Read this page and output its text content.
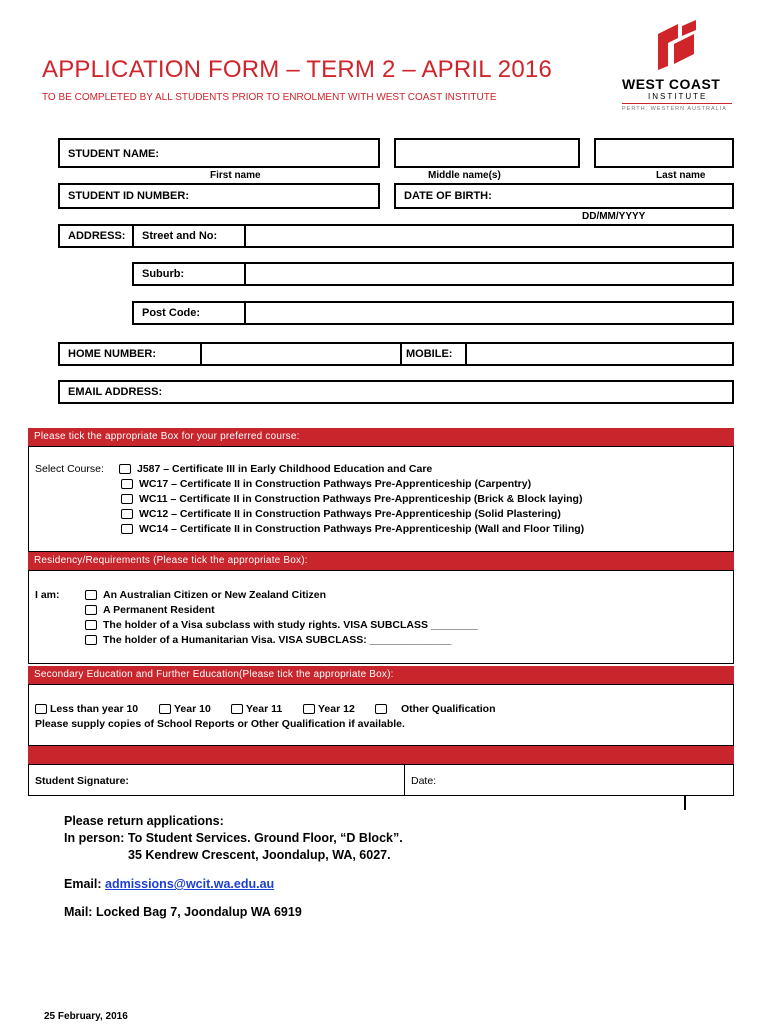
APPLICATION FORM – TERM 2 – APRIL 2016
TO BE COMPLETED BY ALL STUDENTS PRIOR TO ENROLMENT WITH WEST COAST INSTITUTE
WEST COAST
INSTITUTE
PERTH, WESTERN AUSTRALIA
STUDENT NAME:
First name	Middle name(s)	Last name
STUDENT ID NUMBER:	DATE OF BIRTH:
DD/MM/YYYY
ADDRESS: Street and No:
Suburb:
Post Code:
HOME NUMBER:	MOBILE:
EMAIL ADDRESS:
Please tick the appropriate Box for your preferred course:
Select Course:	J587 – Certificate III in Early Childhood Education and Care
WC17 – Certificate II in Construction Pathways Pre-Apprenticeship (Carpentry)
WC11 – Certificate II in Construction Pathways Pre-Apprenticeship (Brick & Block laying)
WC12 – Certificate II in Construction Pathways Pre-Apprenticeship (Solid Plastering)
WC14 – Certificate II in Construction Pathways Pre-Apprenticeship (Wall and Floor Tiling)
Residency/Requirements (Please tick the appropriate Box):
I am:	An Australian Citizen or New Zealand Citizen
A Permanent Resident
The holder of a Visa subclass with study rights. VISA SUBCLASS ________
The holder of a Humanitarian Visa. VISA SUBCLASS: ______________
Secondary Education and Further Education(Please tick the appropriate Box):
Less than year 10	Year 10	Year 11	Year 12	Other Qualification
Please supply copies of School Reports or Other Qualification if available.
Student Signature:	Date:
Please return applications:
In person: To Student Services. Ground Floor, “D Block”.
35 Kendrew Crescent, Joondalup, WA, 6027.
Email: admissions@wcit.wa.edu.au
Mail: Locked Bag 7, Joondalup WA 6919
25 February, 2016
